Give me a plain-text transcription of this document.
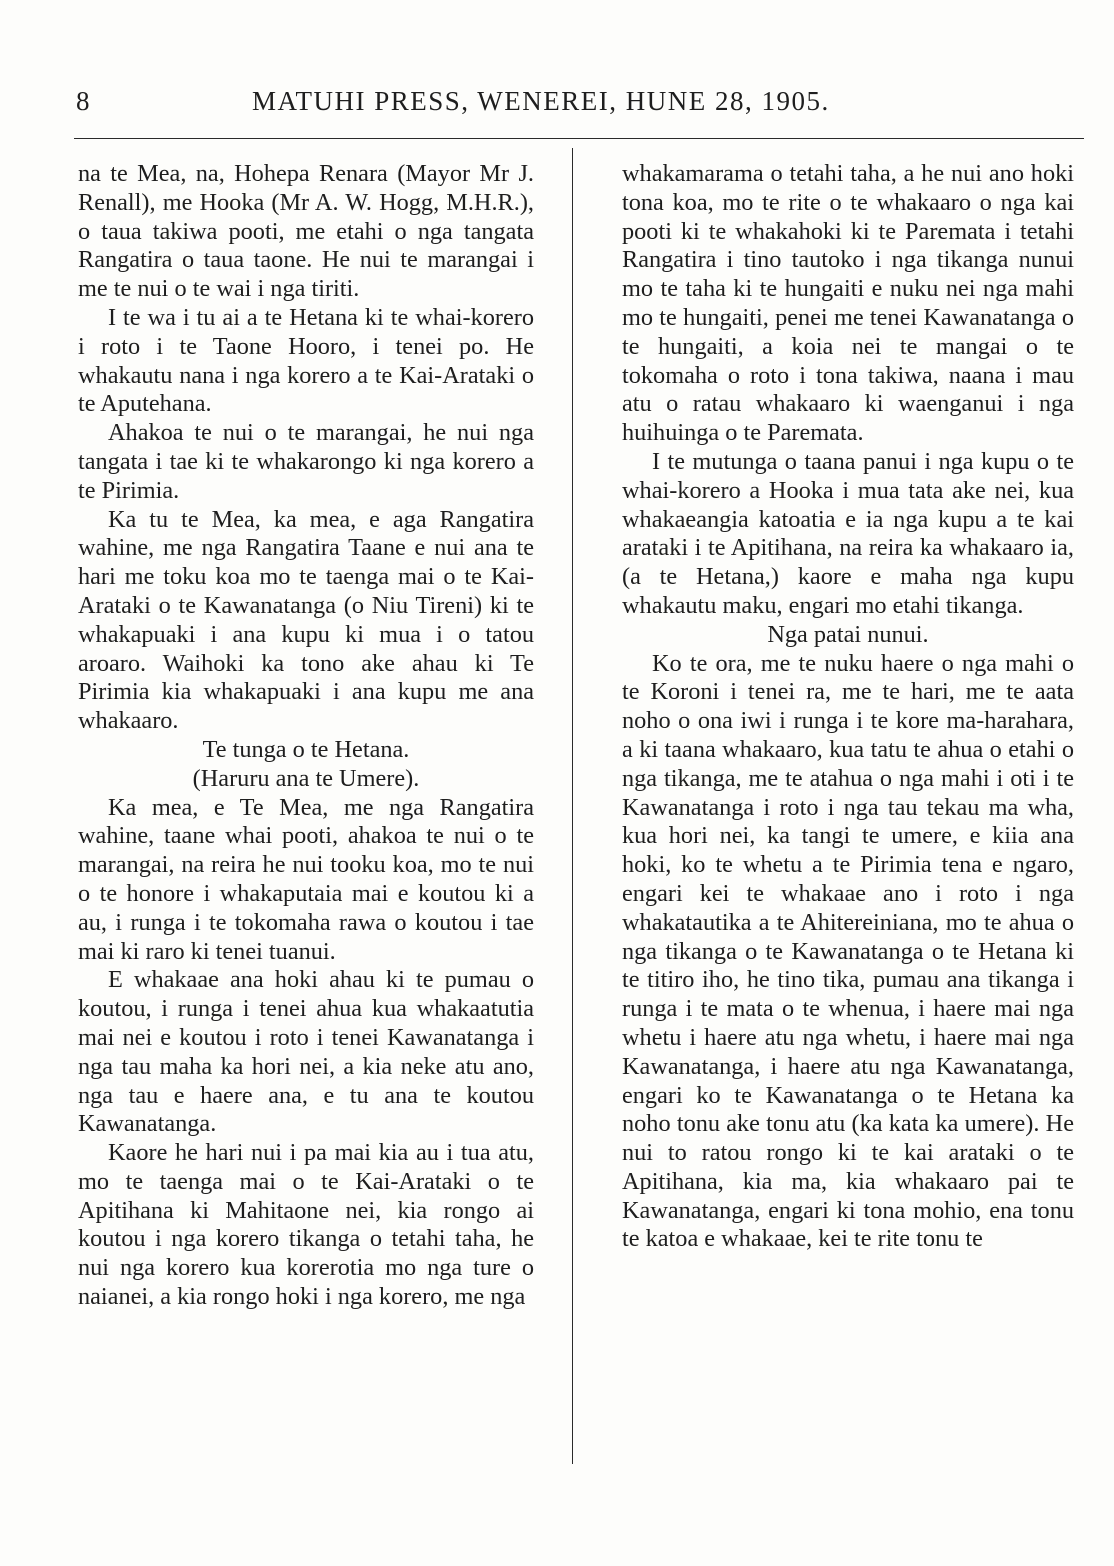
8	MATUHI PRESS, WENEREI, HUNE 28, 1905.

na te Mea, na, Hohepa Renara (Mayor Mr J. Renall), me Hooka (Mr A. W. Hogg, M.H.R.), o taua takiwa pooti, me etahi o nga tangata Rangatira o taua taone. He nui te marangai i me te nui o te wai i nga tiriti.

I te wa i tu ai a te Hetana ki te whai-korero i roto i te Taone Hooro, i tenei po. He whakautu nana i nga korero a te Kai-Arataki o te Aputehana.

Ahakoa te nui o te marangai, he nui nga tangata i tae ki te whakarongo ki nga korero a te Pirimia.

Ka tu te Mea, ka mea, e aga Rangatira wahine, me nga Rangatira Taane e nui ana te hari me toku koa mo te taenga mai o te Kai-Arataki o te Kawanatanga (o Niu Tireni) ki te whakapuaki i ana kupu ki mua i o tatou aroaro. Waihoki ka tono ake ahau ki Te Pirimia kia whakapuaki i ana kupu me ana whakaaro.

Te tunga o te Hetana.

(Haruru ana te Umere).

Ka mea, e Te Mea, me nga Rangatira wahine, taane whai pooti, ahakoa te nui o te marangai, na reira he nui tooku koa, mo te nui o te honore i whakaputaia mai e koutou ki a au, i runga i te tokomaha rawa o koutou i tae mai ki raro ki tenei tuanui.

E whakaae ana hoki ahau ki te pumau o koutou, i runga i tenei ahua kua whakaatutia mai nei e koutou i roto i tenei Kawanatanga i nga tau maha ka hori nei, a kia neke atu ano, nga tau e haere ana, e tu ana te koutou Kawanatanga.

Kaore he hari nui i pa mai kia au i tua atu, mo te taenga mai o te Kai-Arataki o te Apitihana ki Mahitaone nei, kia rongo ai koutou i nga korero tikanga o tetahi taha, he nui nga korero kua korerotia mo nga ture o naianei, a kia rongo hoki i nga korero, me nga

whakamarama o tetahi taha, a he nui ano hoki tona koa, mo te rite o te whakaaro o nga kai pooti ki te whakahoki ki te Paremata i tetahi Rangatira i tino tautoko i nga tikanga nunui mo te taha ki te hungaiti e nuku nei nga mahi mo te hungaiti, penei me tenei Kawanatanga o te hungaiti, a koia nei te mangai o te tokomaha o roto i tona takiwa, naana i mau atu o ratau whakaaro ki waenganui i nga huihuinga o te Paremata.

I te mutunga o taana panui i nga kupu o te whai-korero a Hooka i mua tata ake nei, kua whakaeangia katoatia e ia nga kupu a te kai arataki i te Apitihana, na reira ka whakaaro ia, (a te Hetana,) kaore e maha nga kupu whakautu maku, engari mo etahi tikanga.

Nga patai nunui.

Ko te ora, me te nuku haere o nga mahi o te Koroni i tenei ra, me te hari, me te aata noho o ona iwi i runga i te kore ma-harahara, a ki taana whakaaro, kua tatu te ahua o etahi o nga tikanga, me te atahua o nga mahi i oti i te Kawanatanga i roto i nga tau tekau ma wha, kua hori nei, ka tangi te umere, e kiia ana hoki, ko te whetu a te Pirimia tena e ngaro, engari kei te whakaae ano i roto i nga whakatautika a te Ahitereiniana, mo te ahua o nga tikanga o te Kawanatanga o te Hetana ki te titiro iho, he tino tika, pumau ana tikanga i runga i te mata o te whenua, i haere mai nga whetu i haere atu nga whetu, i haere mai nga Kawanatanga, i haere atu nga Kawanatanga, engari ko te Kawanatanga o te Hetana ka noho tonu ake tonu atu (ka kata ka umere). He nui to ratou rongo ki te kai arataki o te Apitihana, kia ma, kia whakaaro pai te Kawanatanga, engari ki tona mohio, ena tonu te katoa e whakaae, kei te rite tonu te
